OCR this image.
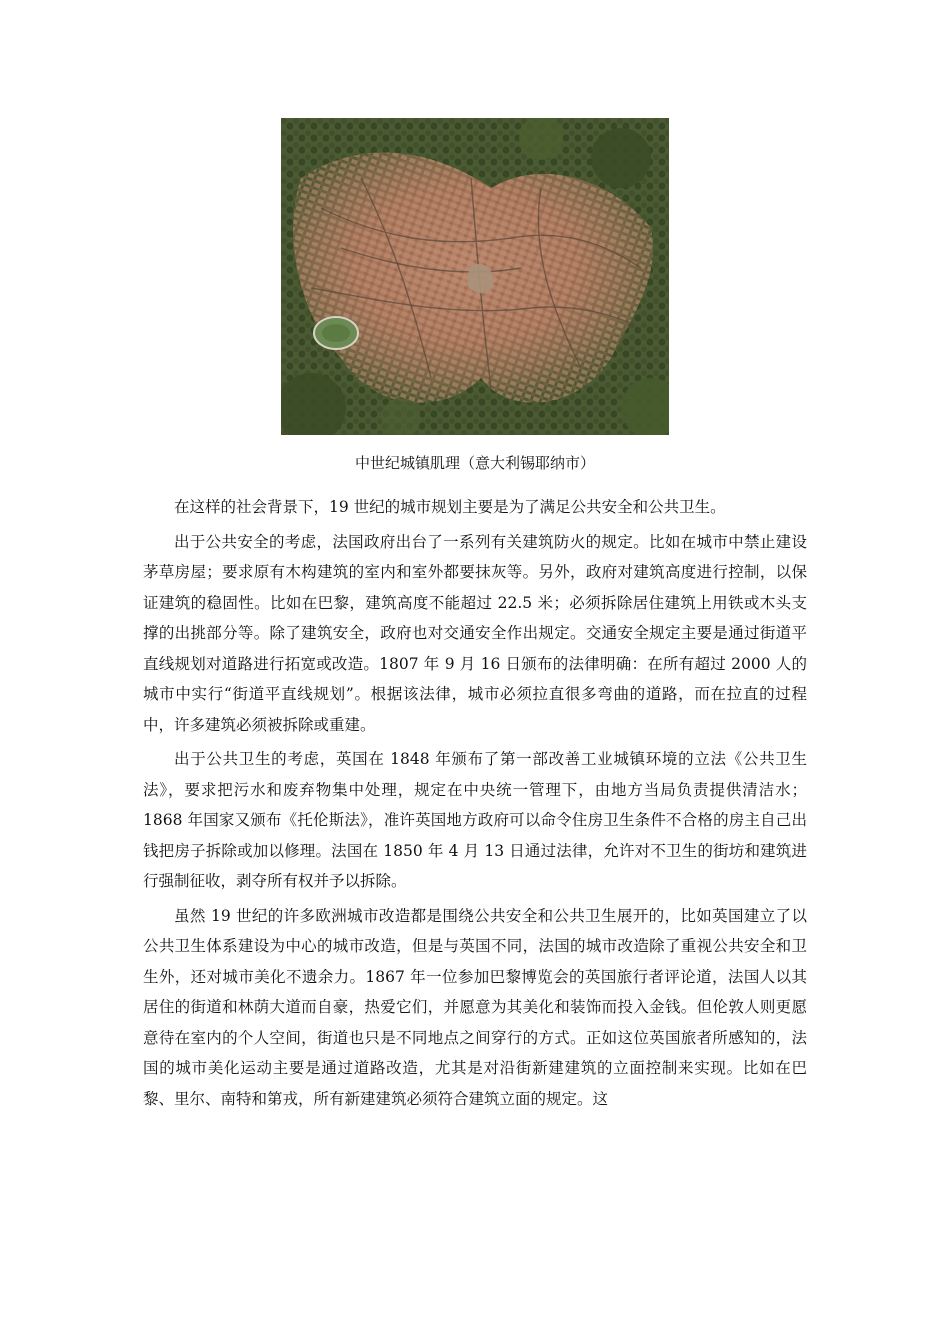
中世纪城镇肌理（意大利锡耶纳市）

在这样的社会背景下，19 世纪的城市规划主要是为了满足公共安全和公共卫生。

出于公共安全的考虑，法国政府出台了一系列有关建筑防火的规定。比如在城市中禁止建设茅草房屋；要求原有木构建筑的室内和室外都要抹灰等。另外，政府对建筑高度进行控制，以保证建筑的稳固性。比如在巴黎，建筑高度不能超过 22.5 米；必须拆除居住建筑上用铁或木头支撑的出挑部分等。除了建筑安全，政府也对交通安全作出规定。交通安全规定主要是通过街道平直线规划对道路进行拓宽或改造。1807 年 9 月 16 日颁布的法律明确：在所有超过 2000 人的城市中实行“街道平直线规划”。根据该法律，城市必须拉直很多弯曲的道路，而在拉直的过程中，许多建筑必须被拆除或重建。

出于公共卫生的考虑，英国在 1848 年颁布了第一部改善工业城镇环境的立法《公共卫生法》，要求把污水和废弃物集中处理，规定在中央统一管理下，由地方当局负责提供清洁水；1868 年国家又颁布《托伦斯法》，准许英国地方政府可以命令住房卫生条件不合格的房主自己出钱把房子拆除或加以修理。法国在 1850 年 4 月 13 日通过法律，允许对不卫生的街坊和建筑进行强制征收，剥夺所有权并予以拆除。

虽然 19 世纪的许多欧洲城市改造都是围绕公共安全和公共卫生展开的，比如英国建立了以公共卫生体系建设为中心的城市改造，但是与英国不同，法国的城市改造除了重视公共安全和卫生外，还对城市美化不遗余力。1867 年一位参加巴黎博览会的英国旅行者评论道，法国人以其居住的街道和林荫大道而自豪，热爱它们，并愿意为其美化和装饰而投入金钱。但伦敦人则更愿意待在室内的个人空间，街道也只是不同地点之间穿行的方式。正如这位英国旅者所感知的，法国的城市美化运动主要是通过道路改造，尤其是对沿街新建建筑的立面控制来实现。比如在巴黎、里尔、南特和第戎，所有新建建筑必须符合建筑立面的规定。这
